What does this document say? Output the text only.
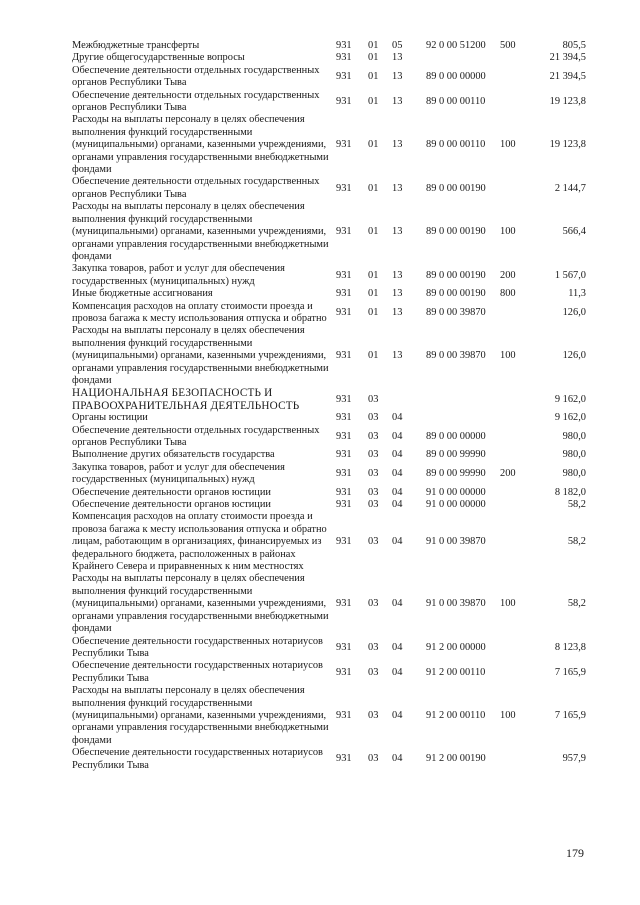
Межбюджетные трансферты	931	01	05	92 0 00 51200	500	805,5
Другие общегосударственные вопросы	931	01	13			21 394,5
Обеспечение деятельности отдельных государственных органов Республики Тыва	931	01	13	89 0 00 00000		21 394,5
Обеспечение деятельности отдельных государственных органов Республики Тыва	931	01	13	89 0 00 00110		19 123,8
Расходы на выплаты персоналу в целях обеспечения выполнения функций государственными (муниципальными) органами, казенными учреждениями, органами управления государственными внебюджетными фондами	931	01	13	89 0 00 00110	100	19 123,8
Обеспечение деятельности отдельных государственных органов Республики Тыва	931	01	13	89 0 00 00190		2 144,7
Расходы на выплаты персоналу в целях обеспечения выполнения функций государственными (муниципальными) органами, казенными учреждениями, органами управления государственными внебюджетными фондами	931	01	13	89 0 00 00190	100	566,4
Закупка товаров, работ и услуг для обеспечения государственных (муниципальных) нужд	931	01	13	89 0 00 00190	200	1 567,0
Иные бюджетные ассигнования	931	01	13	89 0 00 00190	800	11,3
Компенсация расходов на оплату стоимости проезда и провоза багажа к месту использования отпуска и обратно	931	01	13	89 0 00 39870		126,0
Расходы на выплаты персоналу в целях обеспечения выполнения функций государственными (муниципальными) органами, казенными учреждениями, органами управления государственными внебюджетными фондами	931	01	13	89 0 00 39870	100	126,0
НАЦИОНАЛЬНАЯ БЕЗОПАСНОСТЬ И ПРАВООХРАНИТЕЛЬНАЯ ДЕЯТЕЛЬНОСТЬ	931	03				9 162,0
Органы юстиции	931	03	04			9 162,0
Обеспечение деятельности отдельных государственных органов Республики Тыва	931	03	04	89 0 00 00000		980,0
Выполнение других обязательств государства	931	03	04	89 0 00 99990		980,0
Закупка товаров, работ и услуг для обеспечения государственных (муниципальных) нужд	931	03	04	89 0 00 99990	200	980,0
Обеспечение деятельности органов юстиции	931	03	04	91 0 00 00000		8 182,0
Обеспечение деятельности органов юстиции	931	03	04	91 0 00 00000		58,2
Компенсация расходов на оплату стоимости проезда и провоза багажа к месту использования отпуска и обратно лицам, работающим в организациях, финансируемых из федерального бюджета, расположенных в районах Крайнего Севера и приравненных к ним местностях	931	03	04	91 0 00 39870		58,2
Расходы на выплаты персоналу в целях обеспечения выполнения функций государственными (муниципальными) органами, казенными учреждениями, органами управления государственными внебюджетными фондами	931	03	04	91 0 00 39870	100	58,2
Обеспечение деятельности государственных нотариусов Республики Тыва	931	03	04	91 2 00 00000		8 123,8
Обеспечение деятельности государственных нотариусов Республики Тыва	931	03	04	91 2 00 00110		7 165,9
Расходы на выплаты персоналу в целях обеспечения выполнения функций государственными (муниципальными) органами, казенными учреждениями, органами управления государственными внебюджетными фондами	931	03	04	91 2 00 00110	100	7 165,9
Обеспечение деятельности государственных нотариусов Республики Тыва	931	03	04	91 2 00 00190		957,9
179
